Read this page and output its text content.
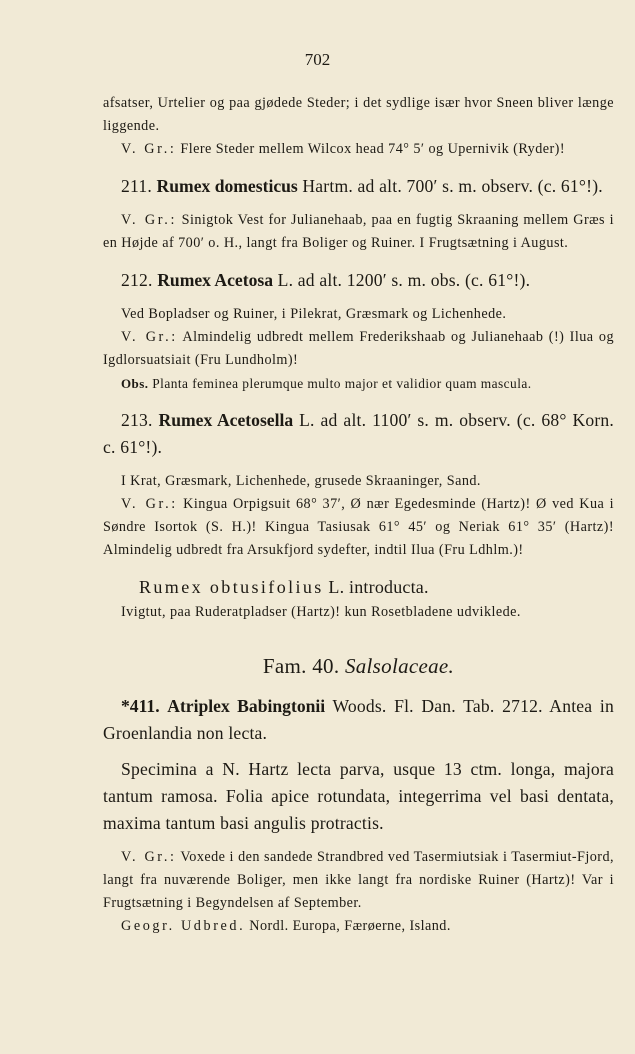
702

afsatser, Urtelier og paa gjødede Steder; i det sydlige især hvor Sneen bliver længe liggende.

V. Gr.: Flere Steder mellem Wilcox head 74° 5′ og Upernivik (Ryder)!

211. Rumex domesticus Hartm. ad alt. 700′ s. m. observ. (c. 61°!).

V. Gr.: Sinigtok Vest for Julianehaab, paa en fugtig Skraaning mellem Græs i en Højde af 700′ o. H., langt fra Boliger og Ruiner. I Frugtsætning i August.

212. Rumex Acetosa L. ad alt. 1200′ s. m. obs. (c. 61°!).

Ved Bopladser og Ruiner, i Pilekrat, Græsmark og Lichenhede.

V. Gr.: Almindelig udbredt mellem Frederikshaab og Julianehaab (!) Ilua og Igdlorsuatsiait (Fru Lundholm)!

Obs. Planta feminea plerumque multo major et validior quam mascula.

213. Rumex Acetosella L. ad alt. 1100′ s. m. observ. (c. 68° Korn. c. 61°!).

I Krat, Græsmark, Lichenhede, grusede Skraaninger, Sand.

V. Gr.: Kingua Orpigsuit 68° 37′, Ø nær Egedesminde (Hartz)! Ø ved Kua i Søndre Isortok (S. H.)! Kingua Tasiusak 61° 45′ og Neriak 61° 35′ (Hartz)! Almindelig udbredt fra Arsukfjord sydefter, indtil Ilua (Fru Ldhlm.)!

Rumex obtusifolius L. introducta.

Ivigtut, paa Ruderatpladser (Hartz)! kun Rosetbladene udviklede.

Fam. 40. Salsolaceae.

*411. Atriplex Babingtonii Woods. Fl. Dan. Tab. 2712. Antea in Groenlandia non lecta.

Specimina a N. Hartz lecta parva, usque 13 ctm. longa, majora tantum ramosa. Folia apice rotundata, integerrima vel basi dentata, maxima tantum basi angulis protractis.

V. Gr.: Voxede i den sandede Strandbred ved Tasermiutsiak i Tasermiut-Fjord, langt fra nuværende Boliger, men ikke langt fra nordiske Ruiner (Hartz)! Var i Frugtsætning i Begyndelsen af September.

Geogr. Udbred. Nordl. Europa, Færøerne, Island.
